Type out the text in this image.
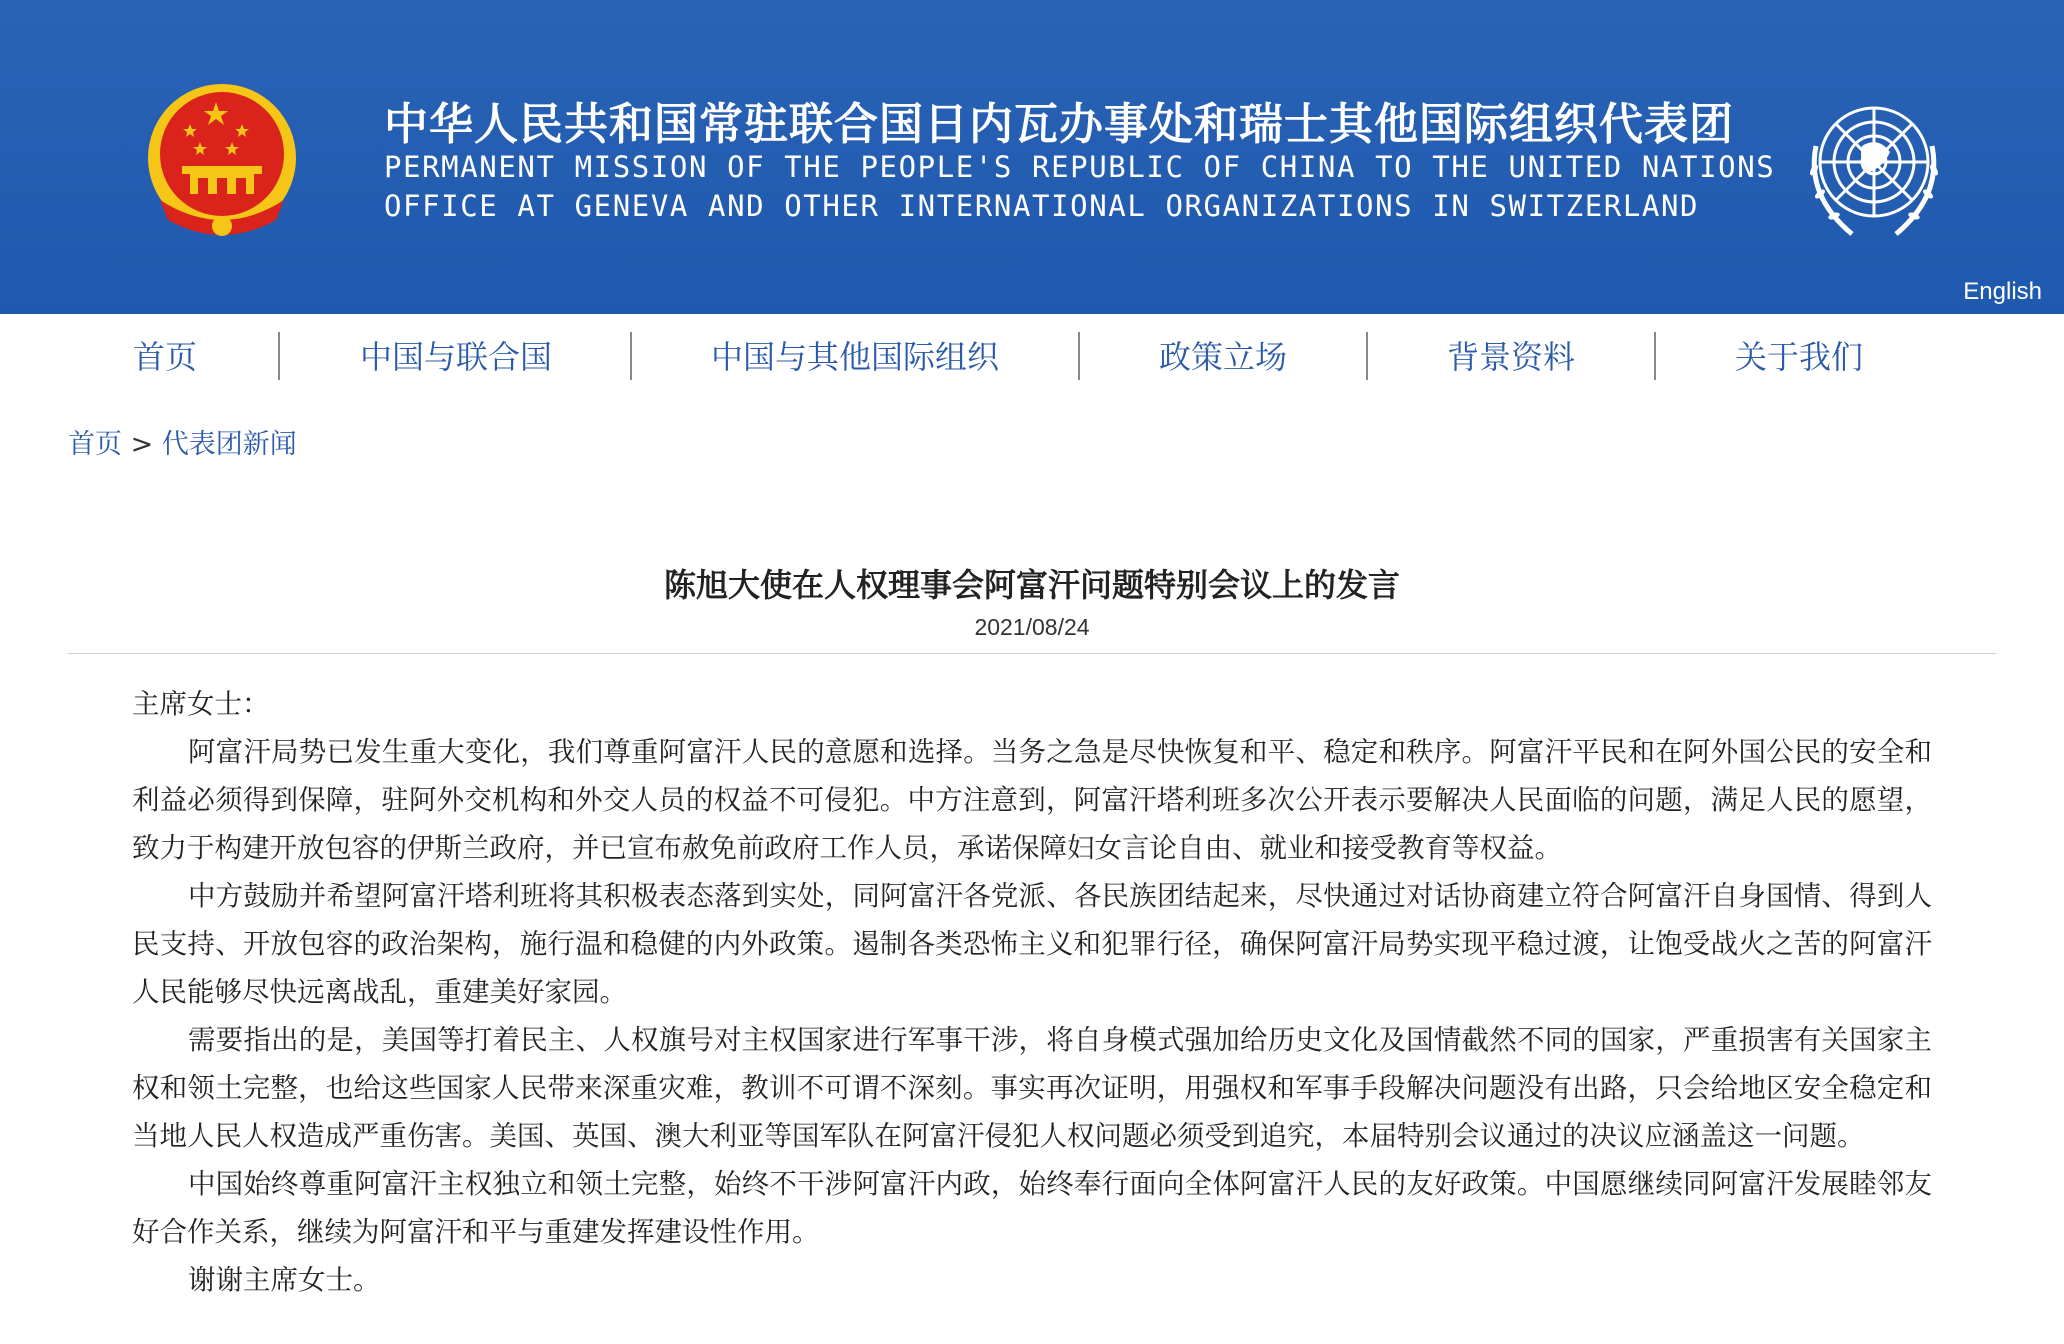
中华人民共和国常驻联合国日内瓦办事处和瑞士其他国际组织代表团
PERMANENT MISSION OF THE PEOPLE'S REPUBLIC OF CHINA TO THE UNITED NATIONS
OFFICE AT GENEVA AND OTHER INTERNATIONAL ORGANIZATIONS IN SWITZERLAND
English
首页	中国与联合国	中国与其他国际组织	政策立场	背景资料	关于我们
首页 > 代表团新闻
陈旭大使在人权理事会阿富汗问题特别会议上的发言
2021/08/24

主席女士：

阿富汗局势已发生重大变化，我们尊重阿富汗人民的意愿和选择。当务之急是尽快恢复和平、稳定和秩序。阿富汗平民和在阿外国公民的安全和利益必须得到保障，驻阿外交机构和外交人员的权益不可侵犯。中方注意到，阿富汗塔利班多次公开表示要解决人民面临的问题，满足人民的愿望，致力于构建开放包容的伊斯兰政府，并已宣布赦免前政府工作人员，承诺保障妇女言论自由、就业和接受教育等权益。

中方鼓励并希望阿富汗塔利班将其积极表态落到实处，同阿富汗各党派、各民族团结起来，尽快通过对话协商建立符合阿富汗自身国情、得到人民支持、开放包容的政治架构，施行温和稳健的内外政策。遏制各类恐怖主义和犯罪行径，确保阿富汗局势实现平稳过渡，让饱受战火之苦的阿富汗人民能够尽快远离战乱，重建美好家园。

需要指出的是，美国等打着民主、人权旗号对主权国家进行军事干涉，将自身模式强加给历史文化及国情截然不同的国家，严重损害有关国家主权和领土完整，也给这些国家人民带来深重灾难，教训不可谓不深刻。事实再次证明，用强权和军事手段解决问题没有出路，只会给地区安全稳定和当地人民人权造成严重伤害。美国、英国、澳大利亚等国军队在阿富汗侵犯人权问题必须受到追究，本届特别会议通过的决议应涵盖这一问题。

中国始终尊重阿富汗主权独立和领土完整，始终不干涉阿富汗内政，始终奉行面向全体阿富汗人民的友好政策。中国愿继续同阿富汗发展睦邻友好合作关系，继续为阿富汗和平与重建发挥建设性作用。

谢谢主席女士。
